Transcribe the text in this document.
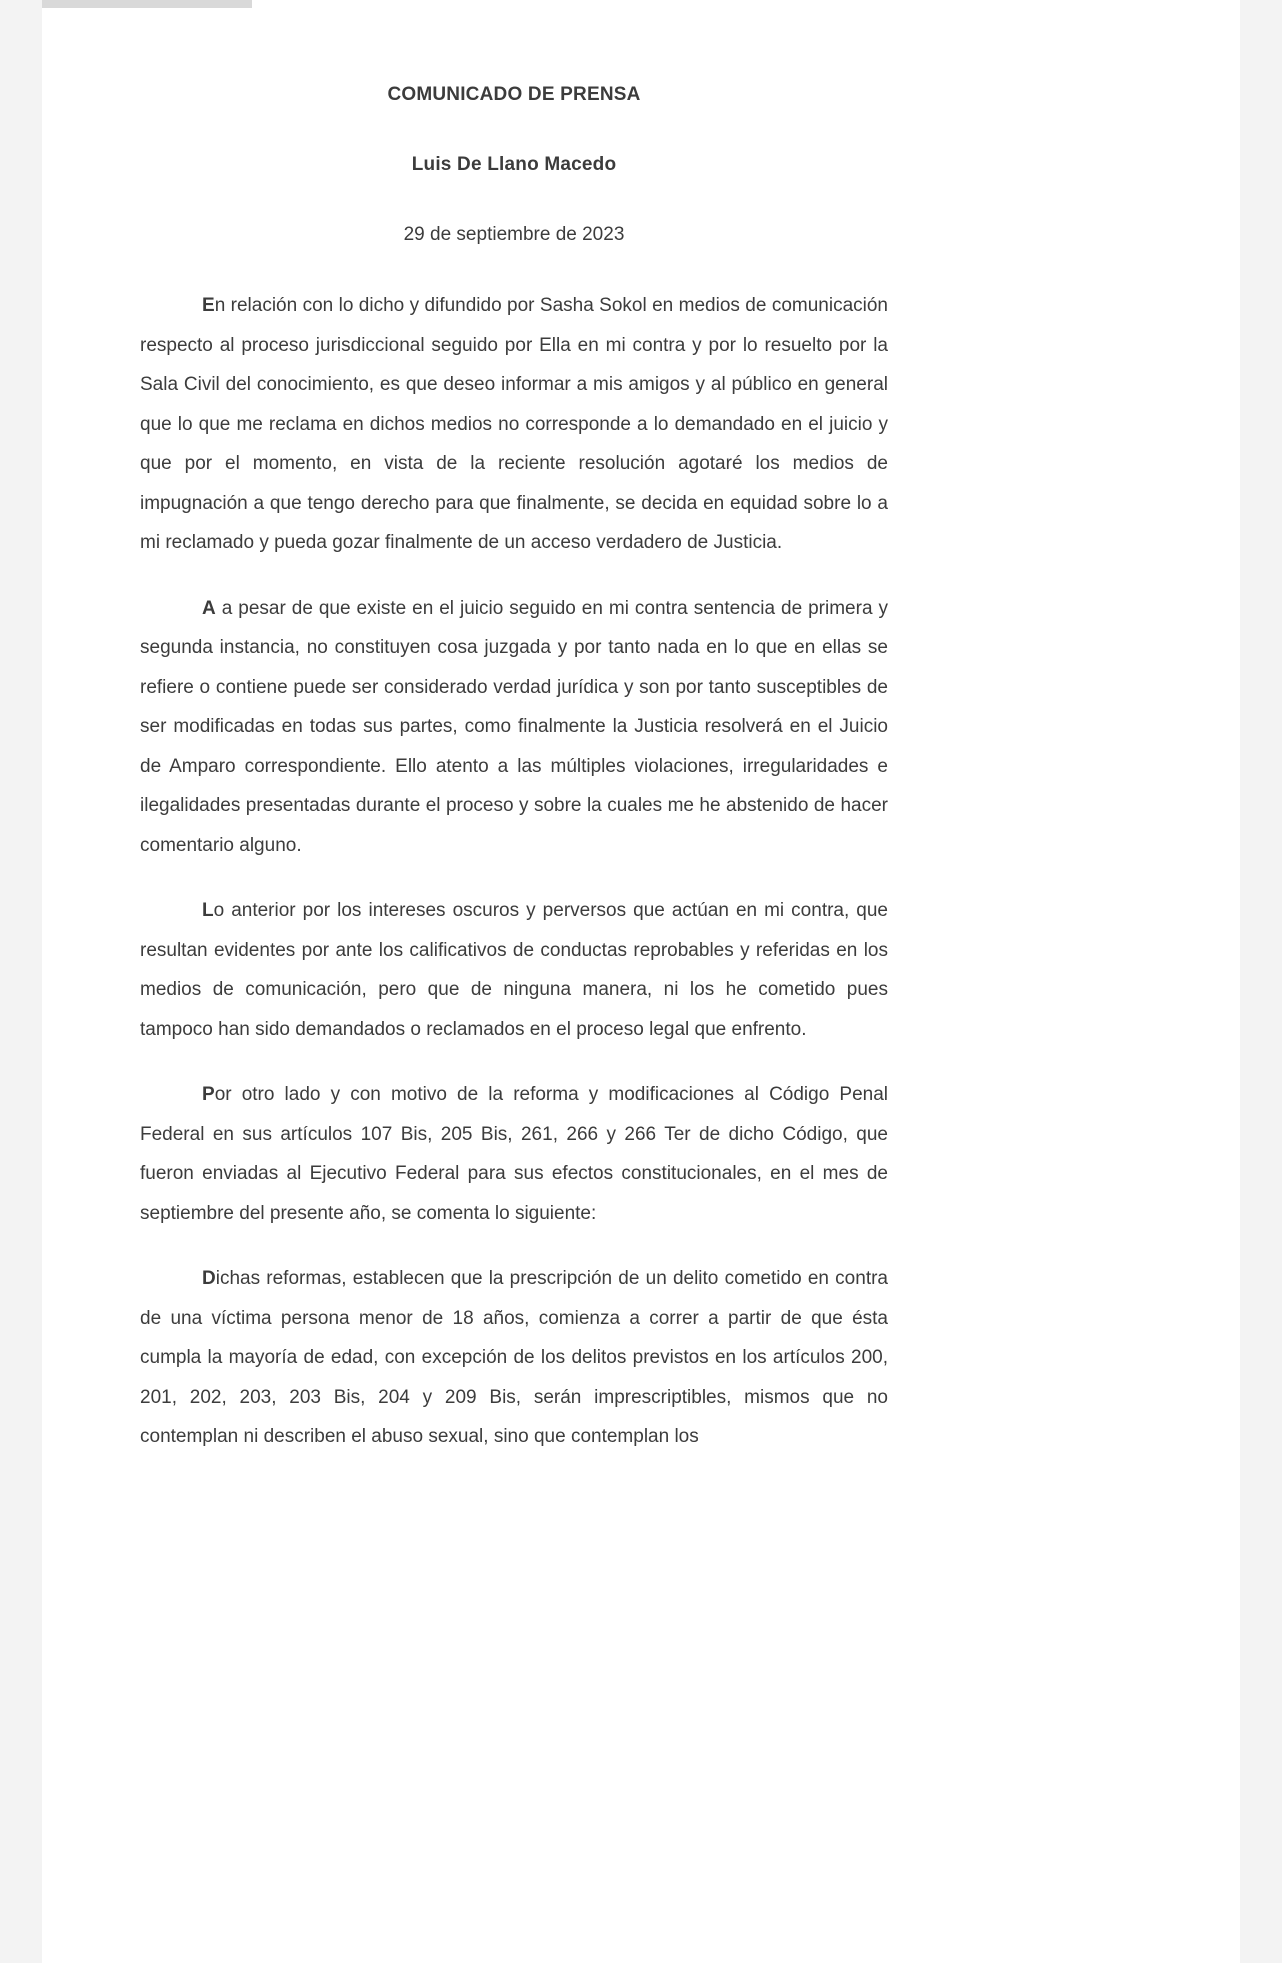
COMUNICADO DE PRENSA
Luis De Llano Macedo

29 de septiembre de 2023

En relación con lo dicho y difundido por Sasha Sokol en medios de comunicación respecto al proceso jurisdiccional seguido por Ella en mi contra y por lo resuelto por la Sala Civil del conocimiento, es que deseo informar a mis amigos y al público en general que lo que me reclama en dichos medios no corresponde a lo demandado en el juicio y que por el momento, en vista de la reciente resolución agotaré los medios de impugnación a que tengo derecho para que finalmente, se decida en equidad sobre lo a mi reclamado y pueda gozar finalmente de un acceso verdadero de Justicia.

A a pesar de que existe en el juicio seguido en mi contra sentencia de primera y segunda instancia, no constituyen cosa juzgada y por tanto nada en lo que en ellas se refiere o contiene puede ser considerado verdad jurídica y son por tanto susceptibles de ser modificadas en todas sus partes, como finalmente la Justicia resolverá en el Juicio de Amparo correspondiente. Ello atento a las múltiples violaciones, irregularidades e ilegalidades presentadas durante el proceso y sobre la cuales me he abstenido de hacer comentario alguno.

Lo anterior por los intereses oscuros y perversos que actúan en mi contra, que resultan evidentes por ante los calificativos de conductas reprobables y referidas en los medios de comunicación, pero que de ninguna manera, ni los he cometido pues tampoco han sido demandados o reclamados en el proceso legal que enfrento.

Por otro lado y con motivo de la reforma y modificaciones al Código Penal Federal en sus artículos 107 Bis, 205 Bis, 261, 266 y 266 Ter de dicho Código, que fueron enviadas al Ejecutivo Federal para sus efectos constitucionales, en el mes de septiembre del presente año, se comenta lo siguiente:

Dichas reformas, establecen que la prescripción de un delito cometido en contra de una víctima persona menor de 18 años, comienza a correr a partir de que ésta cumpla la mayoría de edad, con excepción de los delitos previstos en los artículos 200, 201, 202, 203, 203 Bis, 204 y 209 Bis, serán imprescriptibles, mismos que no contemplan ni describen el abuso sexual, sino que contemplan los
